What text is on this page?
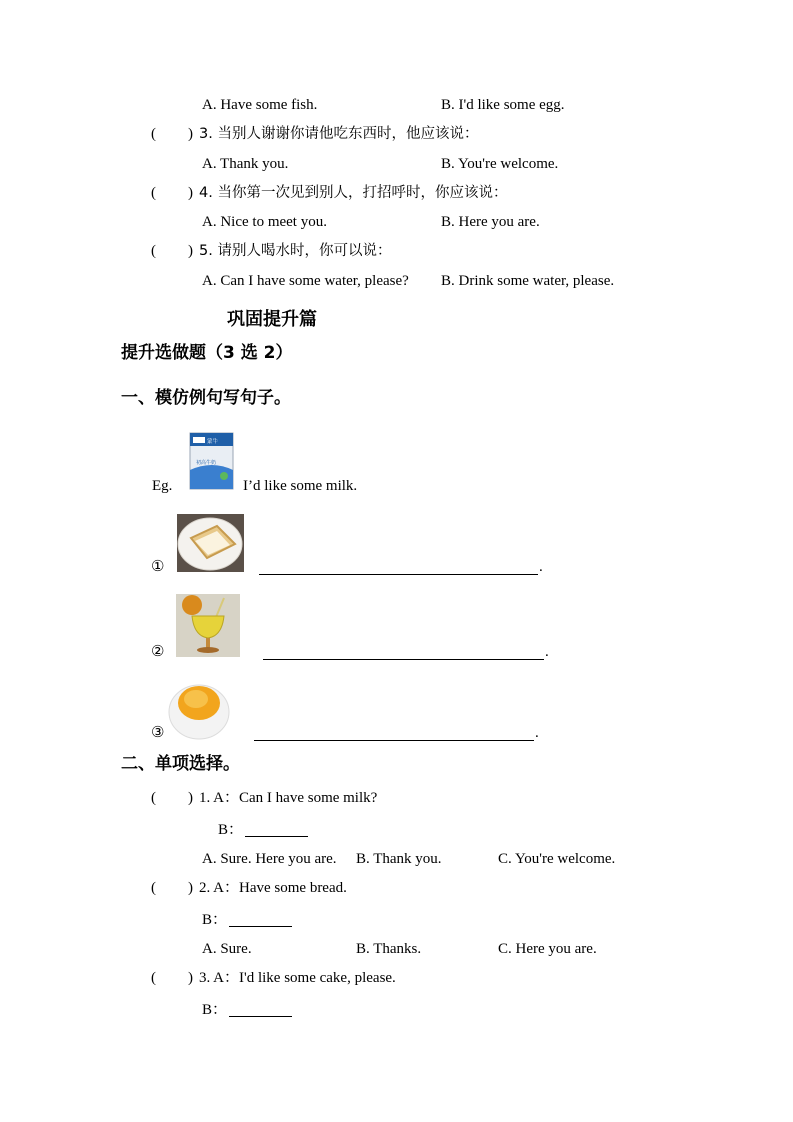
A. Have some fish.	B. I'd like some egg.
( ) 3. 当别人谢谢你请他吃东西时，他应该说：
A. Thank you.	B. You're welcome.
( ) 4. 当你第一次见到别人，打招呼时，你应该说：
A. Nice to meet you.	B. Here you are.
( ) 5. 请别人喝水时，你可以说：
A. Can I have some water, please? B. Drink some water, please.
巩固提升篇
提升选做题（3 选 2）
一、模仿例句写句子。
蒙牛
初高牛奶
Eg.	I’d like some milk.
①	.
②	.
③	.
二、单项选择。
( ) 1. A：Can I have some milk?
B：
A. Sure. Here you are. B. Thank you.	C. You're welcome.
( ) 2. A：Have some bread.
B：
A. Sure.	B. Thanks.	C. Here you are.
( ) 3. A：I'd like some cake, please.
B：
